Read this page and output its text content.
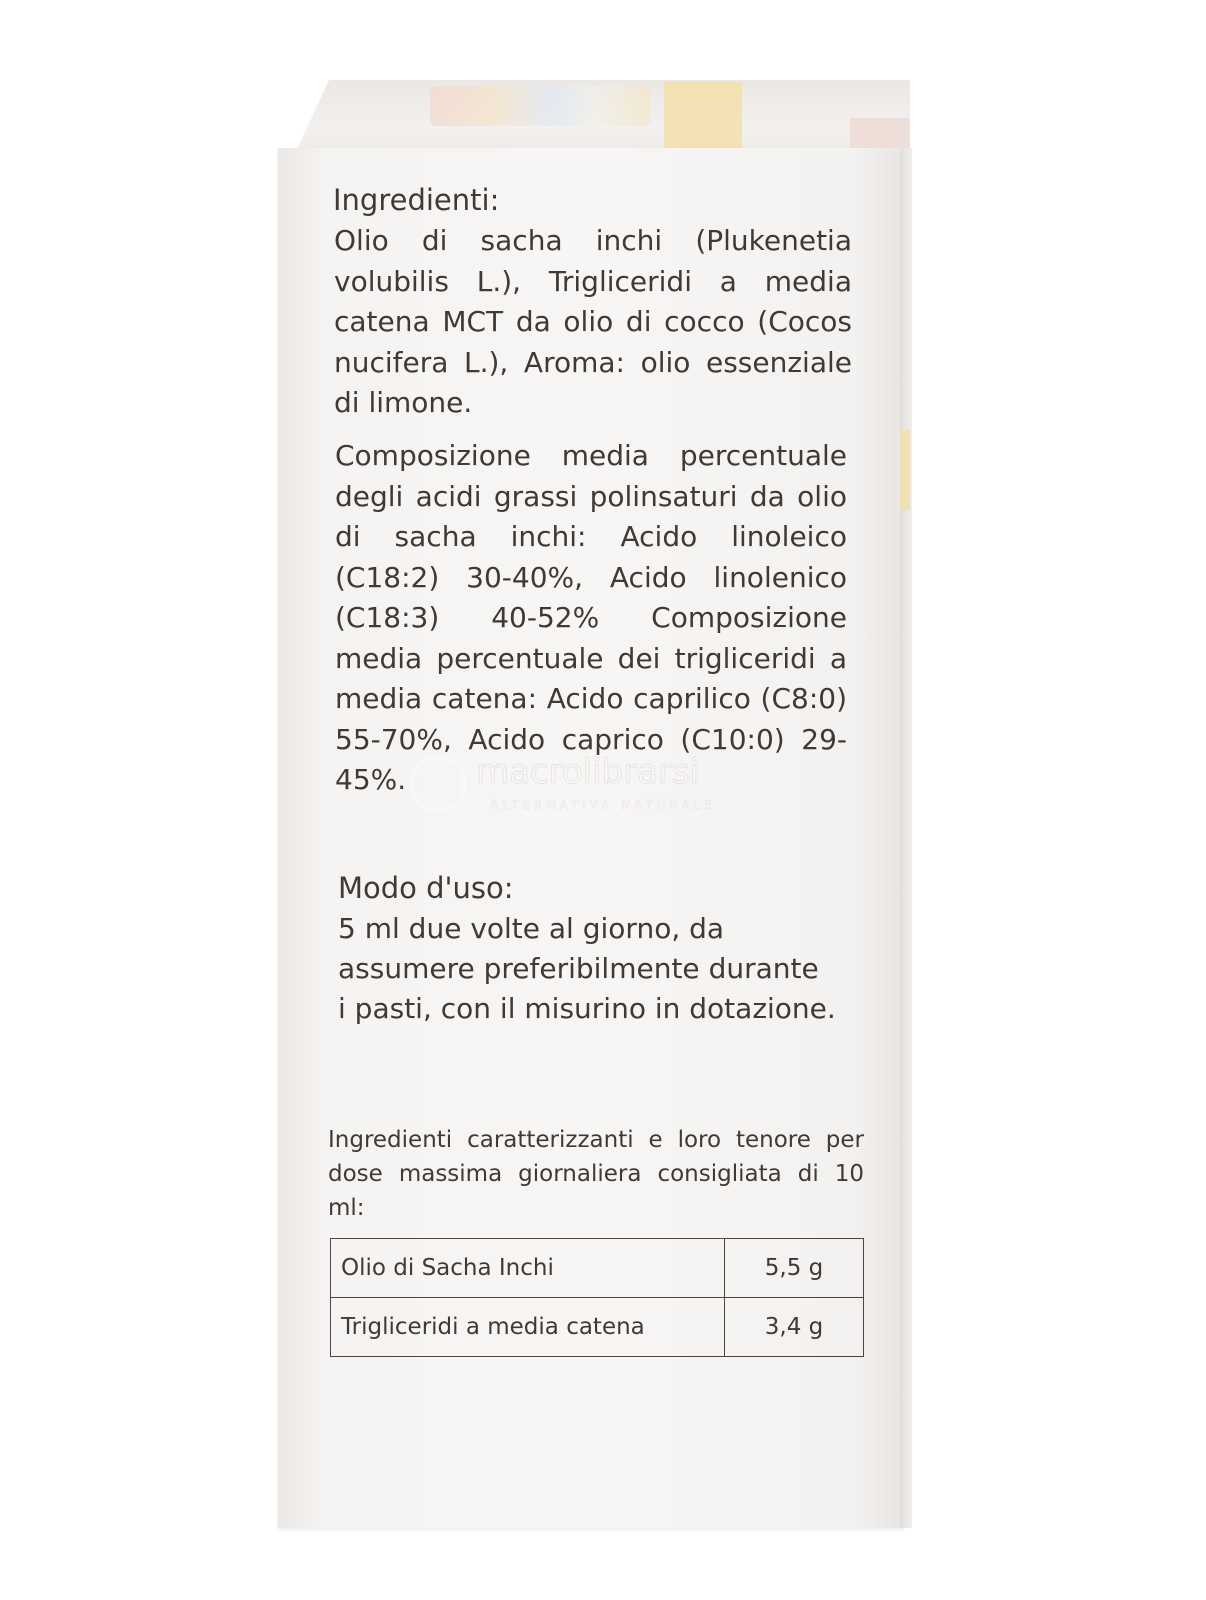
Ingredienti:
Olio di sacha inchi (Plukenetia volubilis L.), Trigliceridi a media catena MCT da olio di cocco (Cocos nucifera L.), Aroma: olio essenziale di limone.
Composizione media percentuale degli acidi grassi polinsaturi da olio di sacha inchi: Acido linoleico (C18:2) 30-40%, Acido linolenico (C18:3) 40-52% Composizione media percentuale dei trigliceridi a media catena: Acido caprilico (C8:0) 55-70%, Acido caprico (C10:0) 29-45%.
Modo d'uso:
5 ml due volte al giorno, da
assumere preferibilmente durante
i pasti, con il misurino in dotazione.
Ingredienti caratterizzanti e loro tenore per dose massima giornaliera consigliata di 10 ml:
Olio di Sacha Inchi	5,5 g
Trigliceridi a media catena	3,4 g
macrolibrarsi
ALTERNATIVA NATURALE
